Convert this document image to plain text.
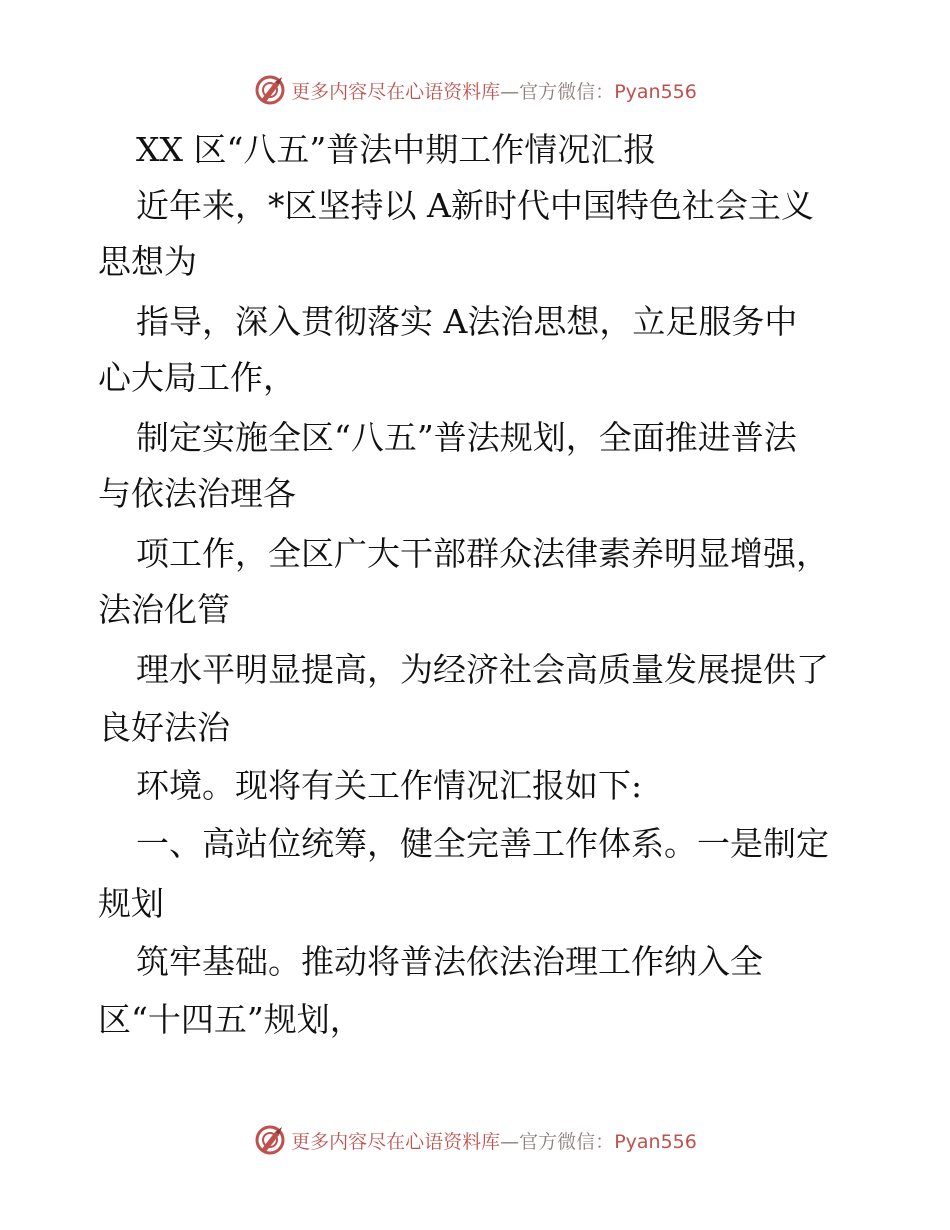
更多内容尽在心语资料库—官方微信：Pyan556
XX 区“八五”普法中期工作情况汇报
近年来，*区坚持以 A新时代中国特色社会主义
思想为
指导，深入贯彻落实 A法治思想，立足服务中
心大局工作，
制定实施全区“八五”普法规划，全面推进普法
与依法治理各
项工作，全区广大干部群众法律素养明显增强，
法治化管
理水平明显提高，为经济社会高质量发展提供了
良好法治
环境。现将有关工作情况汇报如下:
一、高站位统筹，健全完善工作体系。一是制定
规划
筑牢基础。推动将普法依法治理工作纳入全
区“十四五”规划，
更多内容尽在心语资料库—官方微信：Pyan556
